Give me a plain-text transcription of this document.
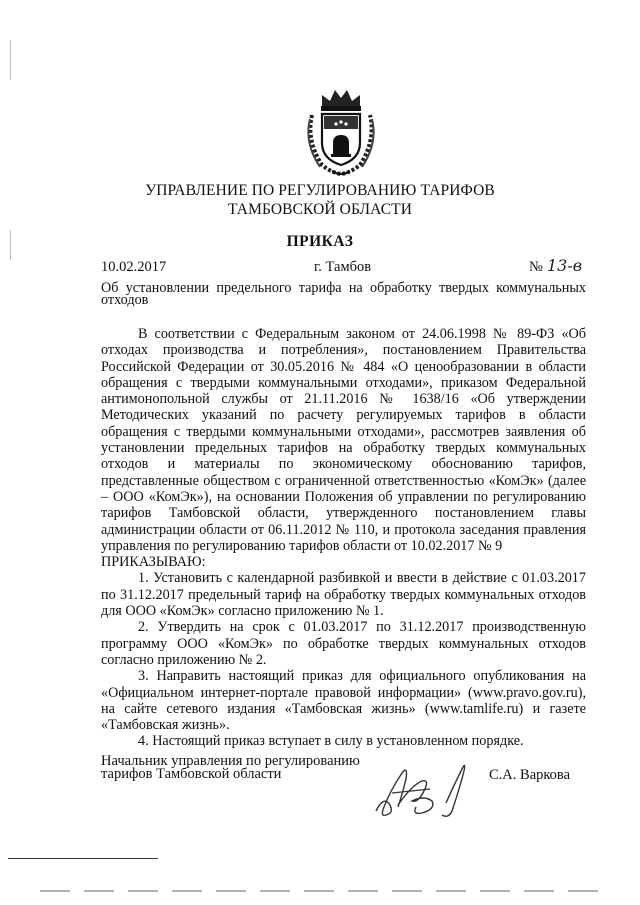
УПРАВЛЕНИЕ ПО РЕГУЛИРОВАНИЮ ТАРИФОВ
ТАМБОВСКОЙ ОБЛАСТИ
ПРИКАЗ
10.02.2017	г. Тамбов	№ 13-в
Об установлении предельного тарифа на обработку твердых коммунальных отходов

В соответствии с Федеральным законом от 24.06.1998 № 89-ФЗ «Об отходах производства и потребления», постановлением Правительства Российской Федерации от 30.05.2016 № 484 «О ценообразовании в области обращения с твердыми коммунальными отходами», приказом Федеральной антимонопольной службы от 21.11.2016 № 1638/16 «Об утверждении Методических указаний по расчету регулируемых тарифов в области обращения с твердыми коммунальными отходами», рассмотрев заявления об установлении предельных тарифов на обработку твердых коммунальных отходов и материалы по экономическому обоснованию тарифов, представленные обществом с ограниченной ответственностью «КомЭк» (далее – ООО «КомЭк»), на основании Положения об управлении по регулированию тарифов Тамбовской области, утвержденного постановлением главы администрации области от 06.11.2012 № 110, и протокола заседания правления управления по регулированию тарифов области от 10.02.2017 № 9

ПРИКАЗЫВАЮ:

1. Установить с календарной разбивкой и ввести в действие с 01.03.2017 по 31.12.2017 предельный тариф на обработку твердых коммунальных отходов для ООО «КомЭк» согласно приложению № 1.

2. Утвердить на срок с 01.03.2017 по 31.12.2017 производственную программу ООО «КомЭк» по обработке твердых коммунальных отходов согласно приложению № 2.

3. Направить настоящий приказ для официального опубликования на «Официальном интернет-портале правовой информации» (www.pravo.gov.ru), на сайте сетевого издания «Тамбовская жизнь» (www.tamlife.ru) и газете «Тамбовская жизнь».

4. Настоящий приказ вступает в силу в установленном порядке.

Начальник управления по регулированию
тарифов Тамбовской области	С.А. Варкова
